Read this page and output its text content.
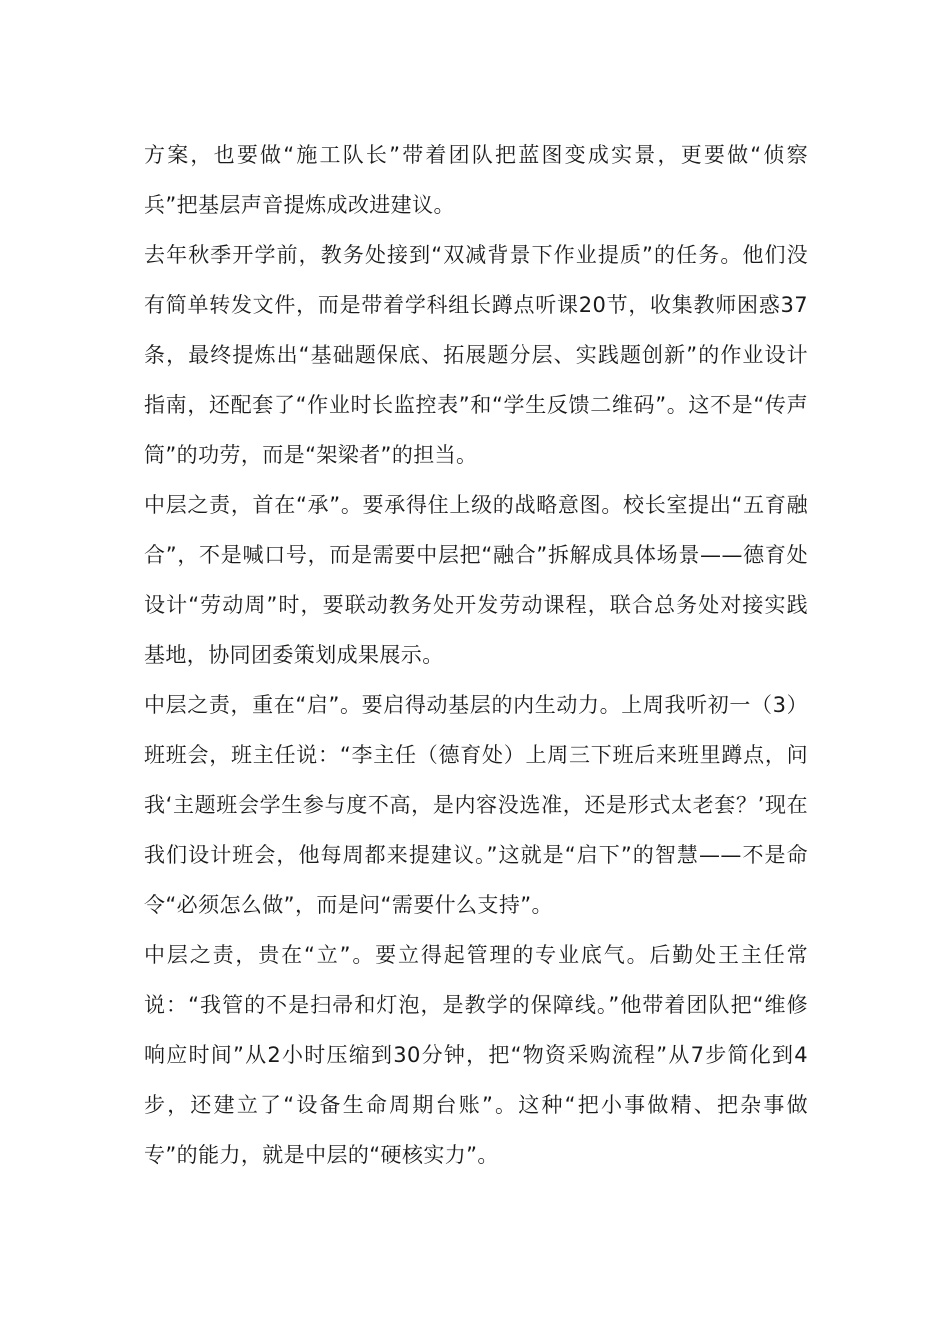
方案，也要做“施工队长”带着团队把蓝图变成实景，更要做“侦察兵”把基层声音提炼成改进建议。

去年秋季开学前，教务处接到“双减背景下作业提质”的任务。他们没有简单转发文件，而是带着学科组长蹲点听课20节，收集教师困惑37条，最终提炼出“基础题保底、拓展题分层、实践题创新”的作业设计指南，还配套了“作业时长监控表”和“学生反馈二维码”。这不是“传声筒”的功劳，而是“架梁者”的担当。

中层之责，首在“承”。要承得住上级的战略意图。校长室提出“五育融合”，不是喊口号，而是需要中层把“融合”拆解成具体场景——德育处设计“劳动周”时，要联动教务处开发劳动课程，联合总务处对接实践基地，协同团委策划成果展示。

中层之责，重在“启”。要启得动基层的内生动力。上周我听初一（3）班班会，班主任说：“李主任（德育处）上周三下班后来班里蹲点，问我‘主题班会学生参与度不高，是内容没选准，还是形式太老套？’现在我们设计班会，他每周都来提建议。”这就是“启下”的智慧——不是命令“必须怎么做”，而是问“需要什么支持”。

中层之责，贵在“立”。要立得起管理的专业底气。后勤处王主任常说：“我管的不是扫帚和灯泡，是教学的保障线。”他带着团队把“维修响应时间”从2小时压缩到30分钟，把“物资采购流程”从7步简化到4步，还建立了“设备生命周期台账”。这种“把小事做精、把杂事做专”的能力，就是中层的“硬核实力”。
